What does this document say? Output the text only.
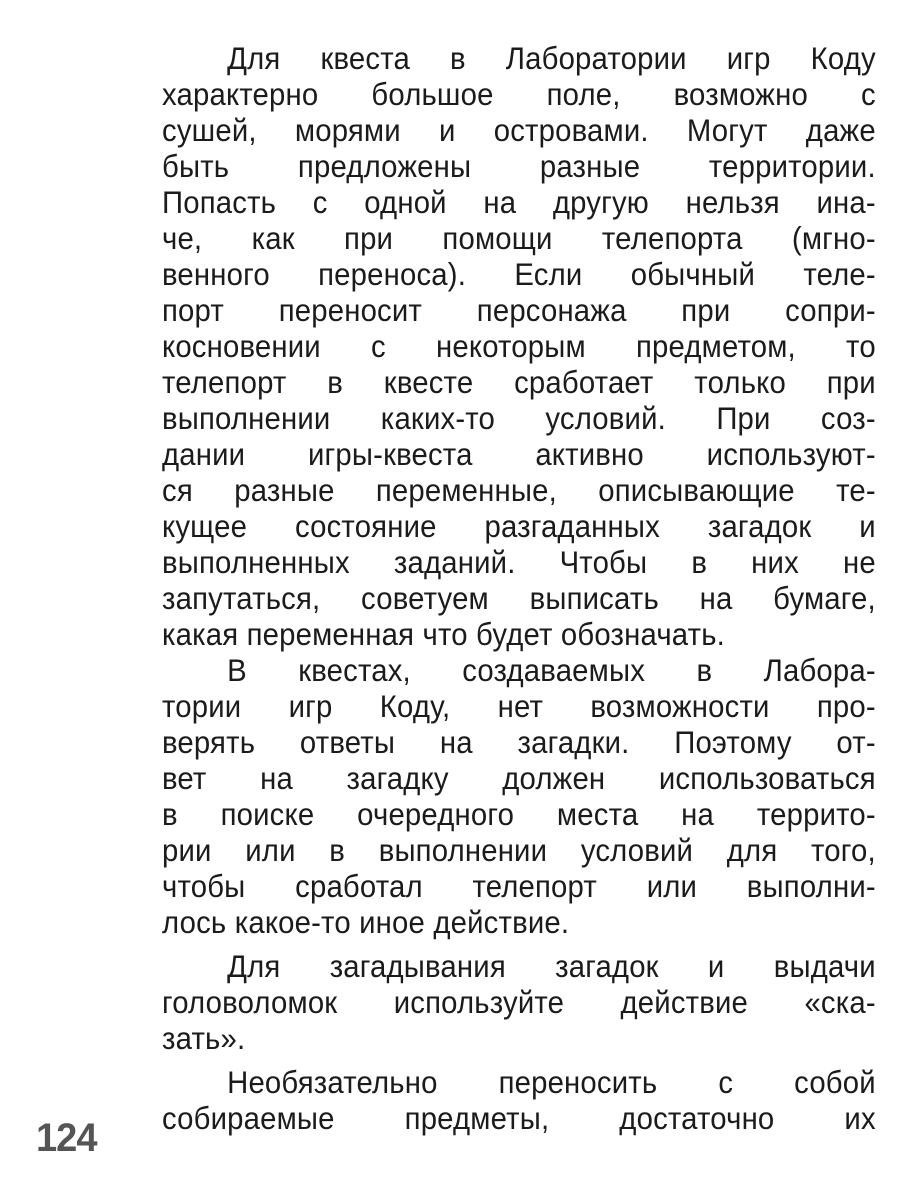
Для квеста в Лаборатории игр Коду
характерно большое поле, возможно с
сушей, морями и островами. Могут даже
быть предложены разные территории.
Попасть с одной на другую нельзя ина-
че, как при помощи телепорта (мгно-
венного переноса). Если обычный теле-
порт переносит персонажа при сопри-
косновении с некоторым предметом, то
телепорт в квесте сработает только при
выполнении каких-то условий. При соз-
дании игры-квеста активно используют-
ся разные переменные, описывающие те-
кущее состояние разгаданных загадок и
выполненных заданий. Чтобы в них не
запутаться, советуем выписать на бумаге,
какая переменная что будет обозначать.
В квестах, создаваемых в Лабора-
тории игр Коду, нет возможности про-
верять ответы на загадки. Поэтому от-
вет на загадку должен использоваться
в поиске очередного места на террито-
рии или в выполнении условий для того,
чтобы сработал телепорт или выполни-
лось какое-то иное действие.
Для загадывания загадок и выдачи
головоломок используйте действие «ска-
зать».
Необязательно переносить с собой
собираемые предметы, достаточно их
124
